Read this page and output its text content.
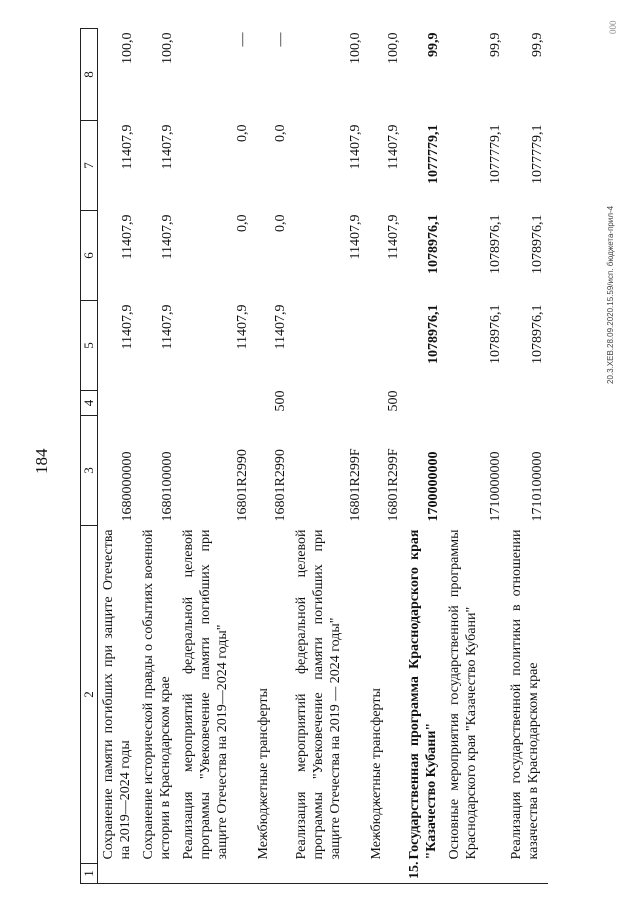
184
1	2	3	4	5	6	7	8
	Сохранение памяти погибших при защите Отечества на 2019—2024 годы	1680000000		11407,9	11407,9	11407,9	100,0
	Сохранение исторической правды о событиях военной истории в Краснодарском крае	1680100000		11407,9	11407,9	11407,9	100,0
	Реализация мероприятий федеральной целевой программы "Увековечение памяти погибших при защите Отечества на 2019—2024 годы"	16801R2990		11407,9	0,0	0,0	—
	Межбюджетные трансферты	16801R2990	500	11407,9	0,0	0,0	—
	Реализация мероприятий федеральной целевой программы "Увековечение памяти погибших при защите Отечества на 2019 — 2024 годы"	16801R299F			11407,9	11407,9	100,0
	Межбюджетные трансферты	16801R299F	500		11407,9	11407,9	100,0
15.	Государственная программа Краснодарского края "Казачество Кубани"	1700000000		1078976,1	1078976,1	1077779,1	99,9
	Основные мероприятия государственной программы Краснодарского края "Казачество Кубани"	1710000000		1078976,1	1078976,1	1077779,1	99,9
	Реализация государственной политики в отношении казачества в Краснодарском крае	1710100000		1078976,1	1078976,1	1077779,1	99,9
20.3.ХЕВ.28.09.2020.15.59/исп. бюджета-прил-4
000
